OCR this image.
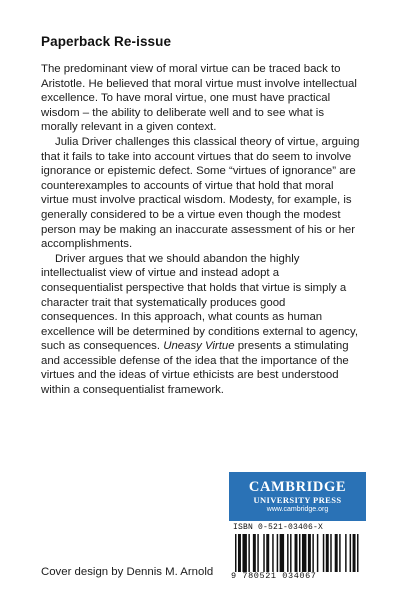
Paperback Re-issue

The predominant view of moral virtue can be traced back to Aristotle. He believed that moral virtue must involve intellectual excellence. To have moral virtue, one must have practical wisdom – the ability to deliberate well and to see what is morally relevant in a given context.

Julia Driver challenges this classical theory of virtue, arguing that it fails to take into account virtues that do seem to involve ignorance or epistemic defect. Some “virtues of ignorance” are counterexamples to accounts of virtue that hold that moral virtue must involve practical wisdom. Modesty, for example, is generally considered to be a virtue even though the modest person may be making an inaccurate assessment of his or her accomplishments.

Driver argues that we should abandon the highly intellectualist view of virtue and instead adopt a consequentialist perspective that holds that virtue is simply a character trait that systematically produces good consequences. In this approach, what counts as human excellence will be determined by conditions external to agency, such as consequences. Uneasy Virtue presents a stimulating and accessible defense of the idea that the importance of the virtues and the ideas of virtue ethicists are best understood within a consequentialist framework.

CAMBRIDGE
UNIVERSITY PRESS
www.cambridge.org
ISBN 0-521-03406-X
9 780521 034067
Cover design by Dennis M. Arnold
